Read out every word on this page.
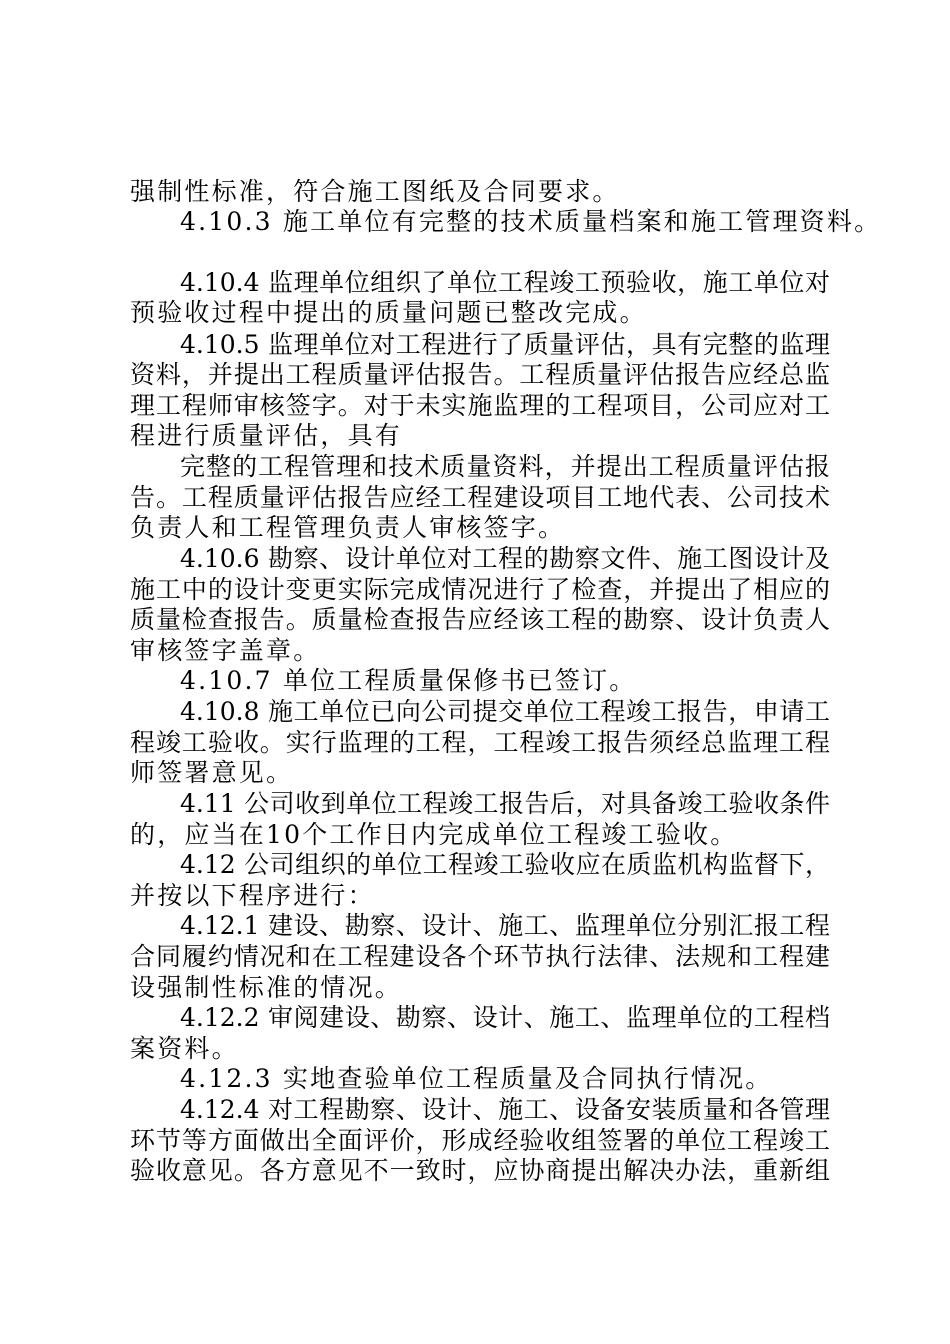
强制性标准，符合施工图纸及合同要求。

4.10.3 施工单位有完整的技术质量档案和施工管理资料。

4.10.4 监理单位组织了单位工程竣工预验收，施工单位对

预验收过程中提出的质量问题已整改完成。

4.10.5 监理单位对工程进行了质量评估，具有完整的监理

资料，并提出工程质量评估报告。工程质量评估报告应经总监

理工程师审核签字。对于未实施监理的工程项目，公司应对工

程进行质量评估，具有

完整的工程管理和技术质量资料，并提出工程质量评估报

告。工程质量评估报告应经工程建设项目工地代表、公司技术

负责人和工程管理负责人审核签字。

4.10.6 勘察、设计单位对工程的勘察文件、施工图设计及

施工中的设计变更实际完成情况进行了检查，并提出了相应的

质量检查报告。质量检查报告应经该工程的勘察、设计负责人

审核签字盖章。

4.10.7 单位工程质量保修书已签订。

4.10.8 施工单位已向公司提交单位工程竣工报告，申请工

程竣工验收。实行监理的工程，工程竣工报告须经总监理工程

师签署意见。

4.11 公司收到单位工程竣工报告后，对具备竣工验收条件

的，应当在10个工作日内完成单位工程竣工验收。

4.12 公司组织的单位工程竣工验收应在质监机构监督下，

并按以下程序进行：

4.12.1 建设、勘察、设计、施工、监理单位分别汇报工程

合同履约情况和在工程建设各个环节执行法律、法规和工程建

设强制性标准的情况。

4.12.2 审阅建设、勘察、设计、施工、监理单位的工程档

案资料。

4.12.3 实地查验单位工程质量及合同执行情况。

4.12.4 对工程勘察、设计、施工、设备安装质量和各管理

环节等方面做出全面评价，形成经验收组签署的单位工程竣工

验收意见。各方意见不一致时，应协商提出解决办法，重新组
